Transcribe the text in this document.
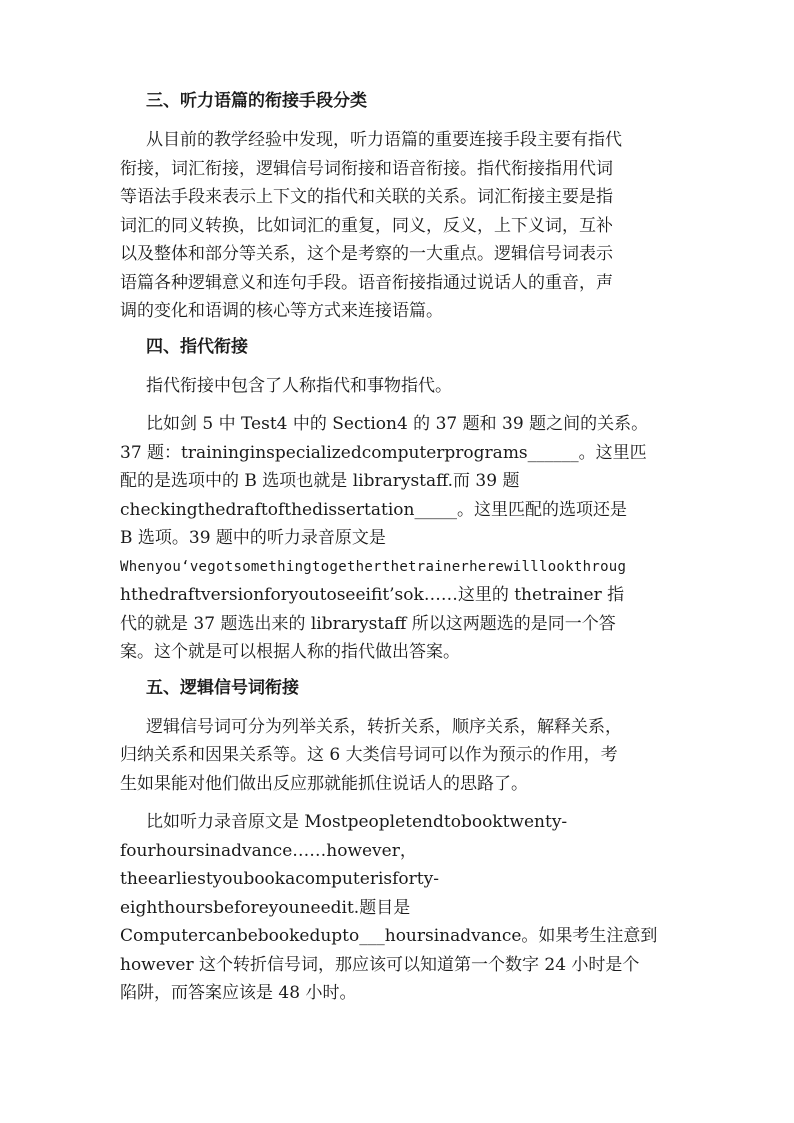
三、听力语篇的衔接手段分类
从目前的教学经验中发现，听力语篇的重要连接手段主要有指代
衔接，词汇衔接，逻辑信号词衔接和语音衔接。指代衔接指用代词
等语法手段来表示上下文的指代和关联的关系。词汇衔接主要是指
词汇的同义转换，比如词汇的重复，同义，反义，上下义词，互补
以及整体和部分等关系，这个是考察的一大重点。逻辑信号词表示
语篇各种逻辑意义和连句手段。语音衔接指通过说话人的重音，声
调的变化和语调的核心等方式来连接语篇。
四、指代衔接
指代衔接中包含了人称指代和事物指代。
比如剑 5 中 Test4 中的 Section4 的 37 题和 39 题之间的关系。
37 题：traininginspecializedcomputerprograms______。这里匹
配的是选项中的 B 选项也就是 librarystaff.而 39 题
checkingthedraftofthedissertation_____。这里匹配的选项还是
B 选项。39 题中的听力录音原文是
Whenyou‘vegotsomethingtogetherthetrainerherewilllookthroug
hthedraftversionforyoutoseeifit’sok……这里的 thetrainer 指
代的就是 37 题选出来的 librarystaff 所以这两题选的是同一个答
案。这个就是可以根据人称的指代做出答案。
五、逻辑信号词衔接
逻辑信号词可分为列举关系，转折关系，顺序关系，解释关系，
归纳关系和因果关系等。这 6 大类信号词可以作为预示的作用，考
生如果能对他们做出反应那就能抓住说话人的思路了。
比如听力录音原文是 Mostpeopletendtobooktwenty-
fourhoursinadvance……however，
theearliestyoubookacomputerisforty-
eighthoursbeforeyouneedit.题目是
Computercanbebookedupto___hoursinadvance。如果考生注意到
however 这个转折信号词，那应该可以知道第一个数字 24 小时是个
陷阱，而答案应该是 48 小时。
